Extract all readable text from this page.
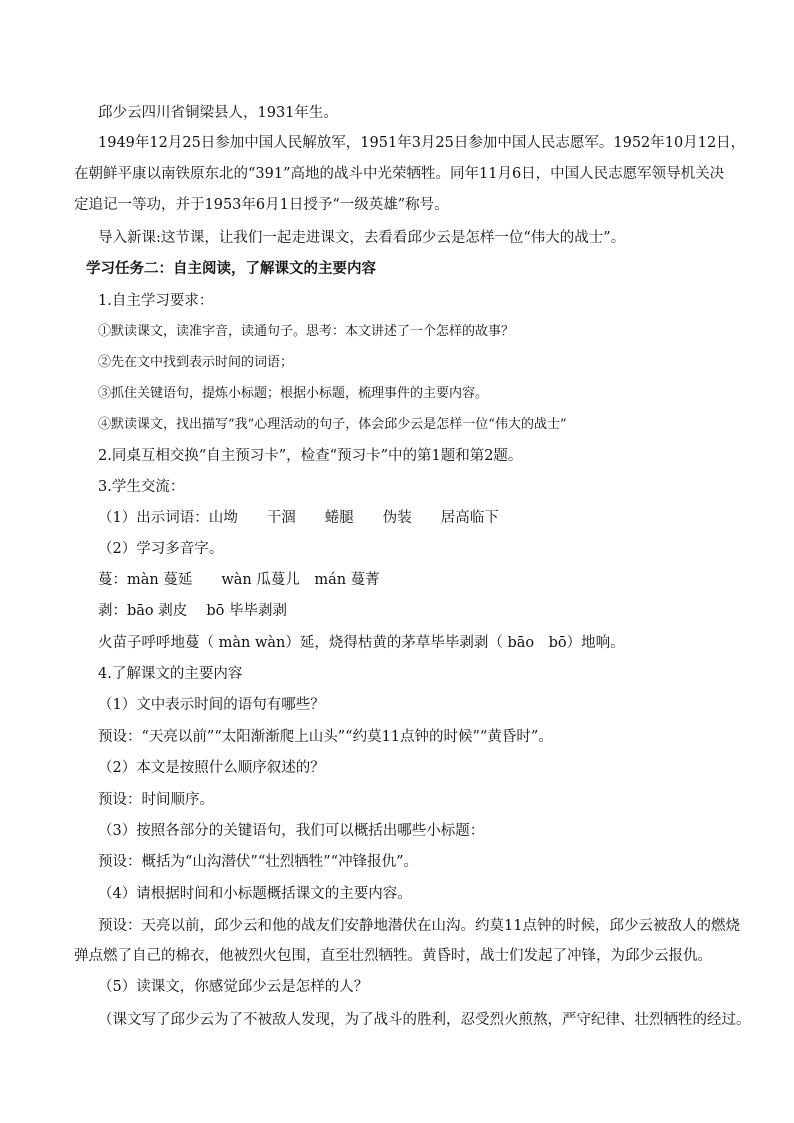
邱少云四川省铜梁县人，1931年生。
1949年12月25日参加中国人民解放军，1951年3月25日参加中国人民志愿军。1952年10月12日，
在朝鲜平康以南铁原东北的“391”高地的战斗中光荣牺牲。同年11月6日，中国人民志愿军领导机关决
定追记一等功，并于1953年6月1日授予“一级英雄”称号。
导入新课:这节课，让我们一起走进课文，去看看邱少云是怎样一位“伟大的战士”。
学习任务二：自主阅读，了解课文的主要内容
1.自主学习要求：
①默读课文，读准字音，读通句子。思考：本文讲述了一个怎样的故事？
②先在文中找到表示时间的词语；
③抓住关键语句，提炼小标题；根据小标题，梳理事件的主要内容。
④默读课文，找出描写“我”心理活动的句子，体会邱少云是怎样一位“伟大的战士”
2.同桌互相交换“自主预习卡”，检查“预习卡”中的第1题和第2题。
3.学生交流：
（1）出示词语：山坳　　干涸　　蜷腿　　伪装　　居高临下
（2）学习多音字。
蔓：màn 蔓延　　wàn 瓜蔓儿　mán 蔓菁
剥：bāo 剥皮　 bō 毕毕剥剥
火苗子呼呼地蔓（ màn wàn）延，烧得枯黄的茅草毕毕剥剥（ bāo　bō）地响。
4.了解课文的主要内容
（1）文中表示时间的语句有哪些？
预设：“天亮以前”“太阳渐渐爬上山头”“约莫11点钟的时候”“黄昏时”。
（2）本文是按照什么顺序叙述的？
预设：时间顺序。
（3）按照各部分的关键语句，我们可以概括出哪些小标题：
预设：概括为“山沟潜伏”“壮烈牺牲”“冲锋报仇”。
（4）请根据时间和小标题概括课文的主要内容。
预设：天亮以前，邱少云和他的战友们安静地潜伏在山沟。约莫11点钟的时候，邱少云被敌人的燃烧
弹点燃了自己的棉衣，他被烈火包围，直至壮烈牺牲。黄昏时，战士们发起了冲锋，为邱少云报仇。
（5）读课文，你感觉邱少云是怎样的人？
（课文写了邱少云为了不被敌人发现，为了战斗的胜利，忍受烈火煎熬，严守纪律、壮烈牺牲的经过。
